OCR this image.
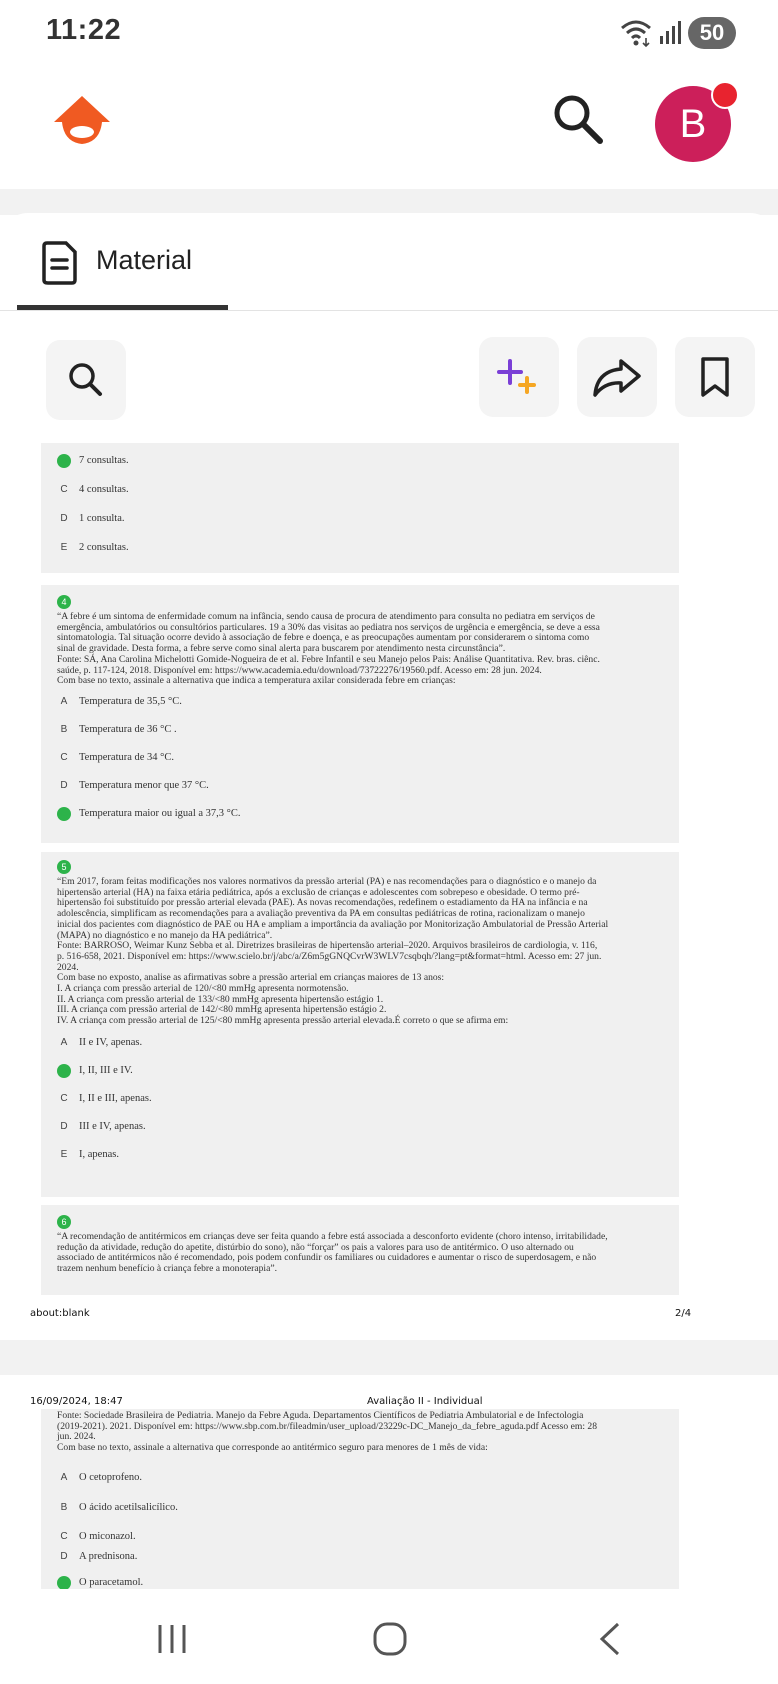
11:22	50
B
Material
B	7 consultas.
C	4 consultas.
D	1 consulta.
E	2 consultas.
4
“A febre é um sintoma de enfermidade comum na infância, sendo causa de procura de atendimento para consulta no pediatra em serviços de
emergência, ambulatórios ou consultórios particulares. 19 a 30% das visitas ao pediatra nos serviços de urgência e emergência, se deve a essa
sintomatologia. Tal situação ocorre devido à associação de febre e doença, e as preocupações aumentam por considerarem o sintoma como
sinal de gravidade. Desta forma, a febre serve como sinal alerta para buscarem por atendimento nesta circunstância”.
Fonte: SÁ, Ana Carolina Michelotti Gomide-Nogueira de et al. Febre Infantil e seu Manejo pelos Pais: Análise Quantitativa. Rev. bras. ciênc.
saúde, p. 117-124, 2018. Disponível em: https://www.academia.edu/download/73722276/19560.pdf. Acesso em: 28 jun. 2024.
Com base no texto, assinale a alternativa que indica a temperatura axilar considerada febre em crianças:
A	Temperatura de 35,5 °C.
B	Temperatura de 36 °C .
C	Temperatura de 34 °C.
D	Temperatura menor que 37 °C.
E	Temperatura maior ou igual a 37,3 °C.
5
“Em 2017, foram feitas modificações nos valores normativos da pressão arterial (PA) e nas recomendações para o diagnóstico e o manejo da
hipertensão arterial (HA) na faixa etária pediátrica, após a exclusão de crianças e adolescentes com sobrepeso e obesidade. O termo pré-
hipertensão foi substituído por pressão arterial elevada (PAE). As novas recomendações, redefinem o estadiamento da HA na infância e na
adolescência, simplificam as recomendações para a avaliação preventiva da PA em consultas pediátricas de rotina, racionalizam o manejo
inicial dos pacientes com diagnóstico de PAE ou HA e ampliam a importância da avaliação por Monitorização Ambulatorial de Pressão Arterial
(MAPA) no diagnóstico e no manejo da HA pediátrica”.
Fonte: BARROSO, Weimar Kunz Sebba et al. Diretrizes brasileiras de hipertensão arterial–2020. Arquivos brasileiros de cardiologia, v. 116,
p. 516-658, 2021. Disponível em: https://www.scielo.br/j/abc/a/Z6m5gGNQCvrW3WLV7csqbqh/?lang=pt&format=html. Acesso em: 27 jun.
2024.
Com base no exposto, analise as afirmativas sobre a pressão arterial em crianças maiores de 13 anos:
I. A criança com pressão arterial de 120/<80 mmHg apresenta normotensão.
II. A criança com pressão arterial de 133/<80 mmHg apresenta hipertensão estágio 1.
III. A criança com pressão arterial de 142/<80 mmHg apresenta hipertensão estágio 2.
IV. A criança com pressão arterial de 125/<80 mmHg apresenta pressão arterial elevada.É correto o que se afirma em:
A	II e IV, apenas.
B	I, II, III e IV.
C	I, II e III, apenas.
D	III e IV, apenas.
E	I, apenas.
6
“A recomendação de antitérmicos em crianças deve ser feita quando a febre está associada a desconforto evidente (choro intenso, irritabilidade,
redução da atividade, redução do apetite, distúrbio do sono), não “forçar” os pais a valores para uso de antitérmico. O uso alternado ou
associado de antitérmicos não é recomendado, pois podem confundir os familiares ou cuidadores e aumentar o risco de superdosagem, e não
trazem nenhum benefício à criança febre a monoterapia”.
about:blank	2/4
16/09/2024, 18:47	Avaliação II - Individual
Fonte: Sociedade Brasileira de Pediatria. Manejo da Febre Aguda. Departamentos Científicos de Pediatria Ambulatorial e de Infectologia
(2019-2021). 2021. Disponível em: https://www.sbp.com.br/fileadmin/user_upload/23229c-DC_Manejo_da_febre_aguda.pdf Acesso em: 28
jun. 2024.
Com base no texto, assinale a alternativa que corresponde ao antitérmico seguro para menores de 1 mês de vida:
A	O cetoprofeno.
B	O ácido acetilsalicílico.
C	O miconazol.
D	A prednisona.
E	O paracetamol.
